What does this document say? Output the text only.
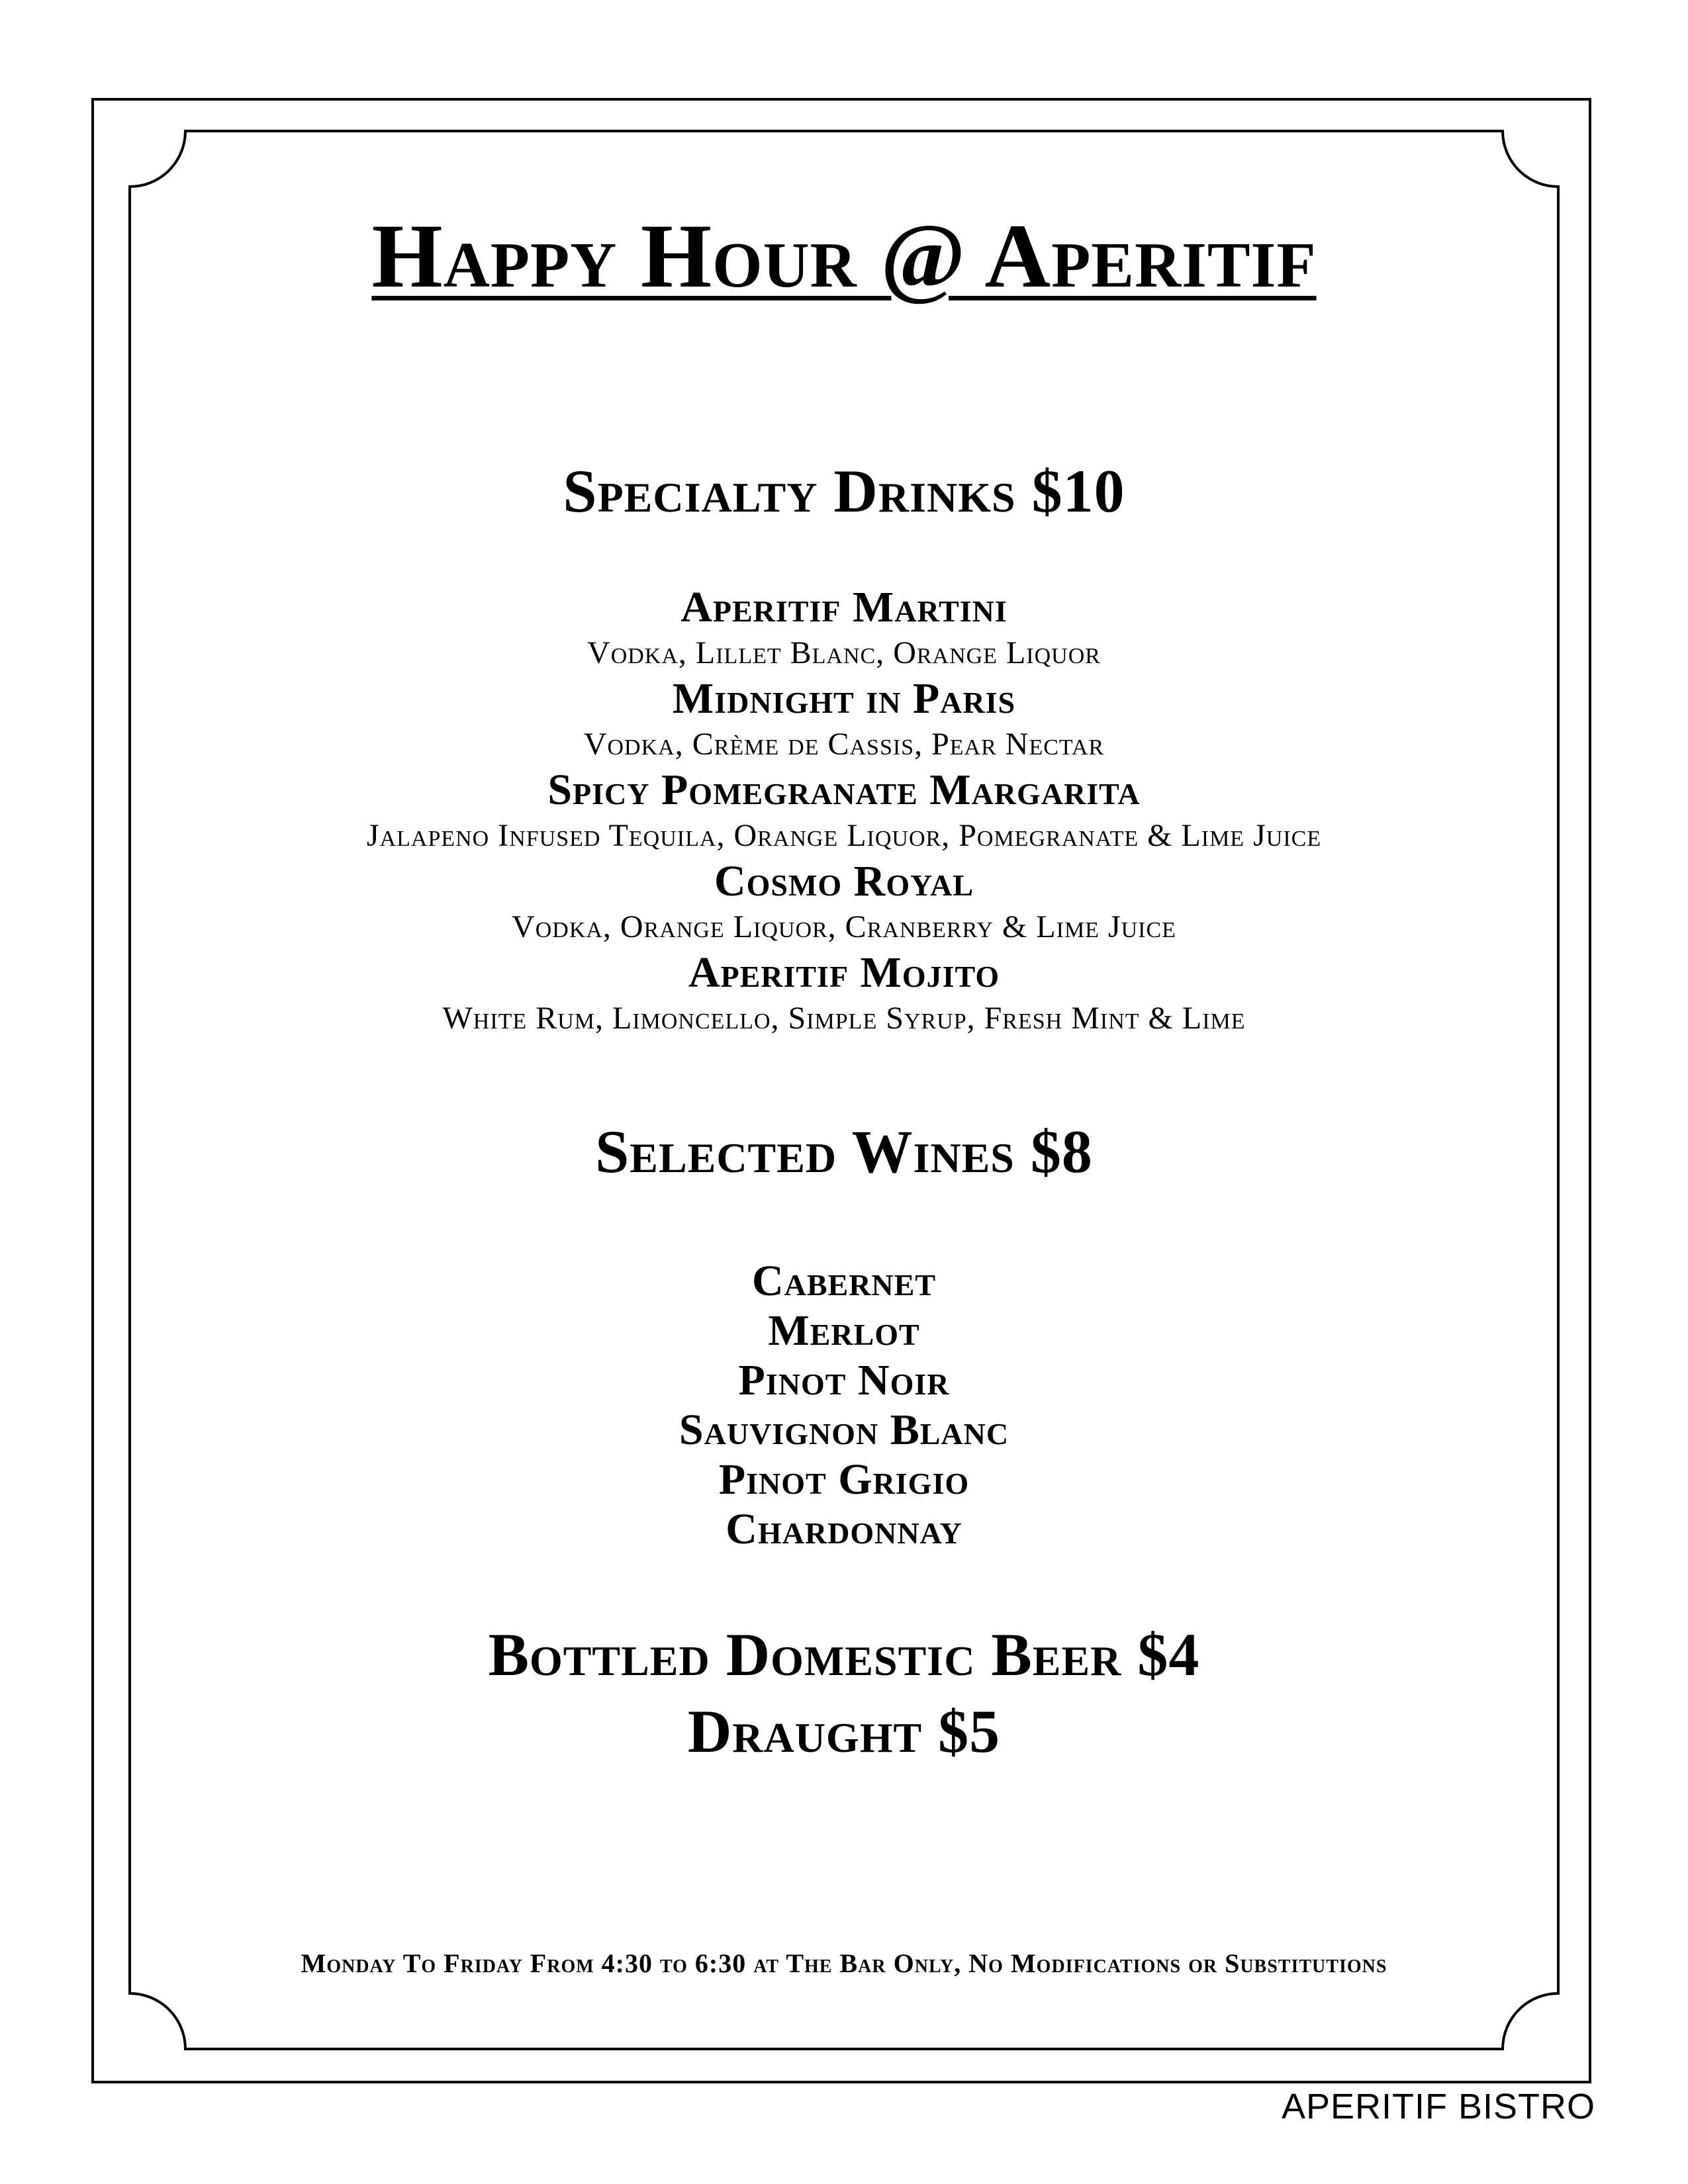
Happy Hour @ Aperitif
Specialty Drinks $10

Aperitif Martini

Vodka, Lillet Blanc, Orange Liquor

Midnight in Paris

Vodka, Crème de Cassis, Pear Nectar

Spicy Pomegranate Margarita

Jalapeno Infused Tequila, Orange Liquor, Pomegranate & Lime Juice

Cosmo Royal

Vodka, Orange Liquor, Cranberry & Lime Juice

Aperitif Mojito

White Rum, Limoncello, Simple Syrup, Fresh Mint & Lime

Selected Wines $8

Cabernet

Merlot

Pinot Noir

Sauvignon Blanc

Pinot Grigio

Chardonnay

Bottled Domestic Beer $4
Draught $5
Monday To Friday From 4:30 to 6:30 at The Bar Only, No Modifications or Substitutions
APERITIF BISTRO
